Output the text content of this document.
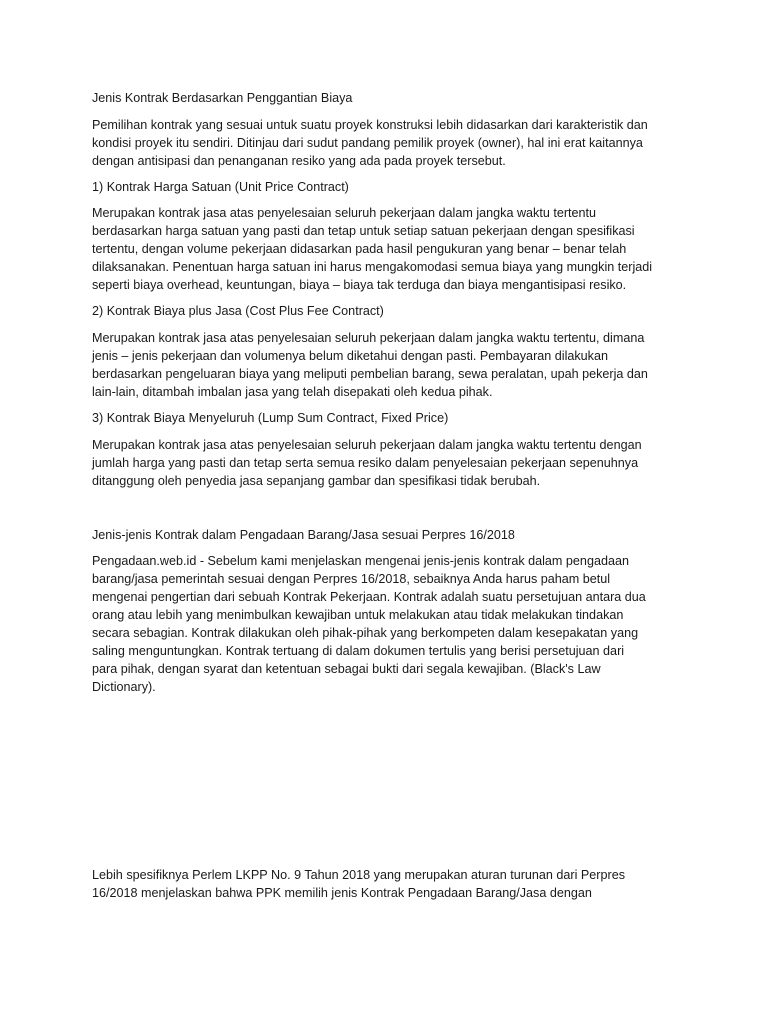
Jenis Kontrak Berdasarkan Penggantian Biaya

Pemilihan kontrak yang sesuai untuk suatu proyek konstruksi lebih didasarkan dari karakteristik dan
kondisi proyek itu sendiri. Ditinjau dari sudut pandang pemilik proyek (owner), hal ini erat kaitannya
dengan antisipasi dan penanganan resiko yang ada pada proyek tersebut.

1) Kontrak Harga Satuan (Unit Price Contract)

Merupakan kontrak jasa atas penyelesaian seluruh pekerjaan dalam jangka waktu tertentu
berdasarkan harga satuan yang pasti dan tetap untuk setiap satuan pekerjaan dengan spesifikasi
tertentu, dengan volume pekerjaan didasarkan pada hasil pengukuran yang benar – benar telah
dilaksanakan. Penentuan harga satuan ini harus mengakomodasi semua biaya yang mungkin terjadi
seperti biaya overhead, keuntungan, biaya – biaya tak terduga dan biaya mengantisipasi resiko.

2) Kontrak Biaya plus Jasa (Cost Plus Fee Contract)

Merupakan kontrak jasa atas penyelesaian seluruh pekerjaan dalam jangka waktu tertentu, dimana
jenis – jenis pekerjaan dan volumenya belum diketahui dengan pasti. Pembayaran dilakukan
berdasarkan pengeluaran biaya yang meliputi pembelian barang, sewa peralatan, upah pekerja dan
lain-lain, ditambah imbalan jasa yang telah disepakati oleh kedua pihak.

3) Kontrak Biaya Menyeluruh (Lump Sum Contract, Fixed Price)

Merupakan kontrak jasa atas penyelesaian seluruh pekerjaan dalam jangka waktu tertentu dengan
jumlah harga yang pasti dan tetap serta semua resiko dalam penyelesaian pekerjaan sepenuhnya
ditanggung oleh penyedia jasa sepanjang gambar dan spesifikasi tidak berubah.

Jenis-jenis Kontrak dalam Pengadaan Barang/Jasa sesuai Perpres 16/2018

Pengadaan.web.id - Sebelum kami menjelaskan mengenai jenis-jenis kontrak dalam pengadaan
barang/jasa pemerintah sesuai dengan Perpres 16/2018, sebaiknya Anda harus paham betul
mengenai pengertian dari sebuah Kontrak Pekerjaan. Kontrak adalah suatu persetujuan antara dua
orang atau lebih yang menimbulkan kewajiban untuk melakukan atau tidak melakukan tindakan
secara sebagian. Kontrak dilakukan oleh pihak-pihak yang berkompeten dalam kesepakatan yang
saling menguntungkan. Kontrak tertuang di dalam dokumen tertulis yang berisi persetujuan dari
para pihak, dengan syarat dan ketentuan sebagai bukti dari segala kewajiban. (Black's Law
Dictionary).

Lebih spesifiknya Perlem LKPP No. 9 Tahun 2018 yang merupakan aturan turunan dari Perpres
16/2018 menjelaskan bahwa PPK memilih jenis Kontrak Pengadaan Barang/Jasa dengan
